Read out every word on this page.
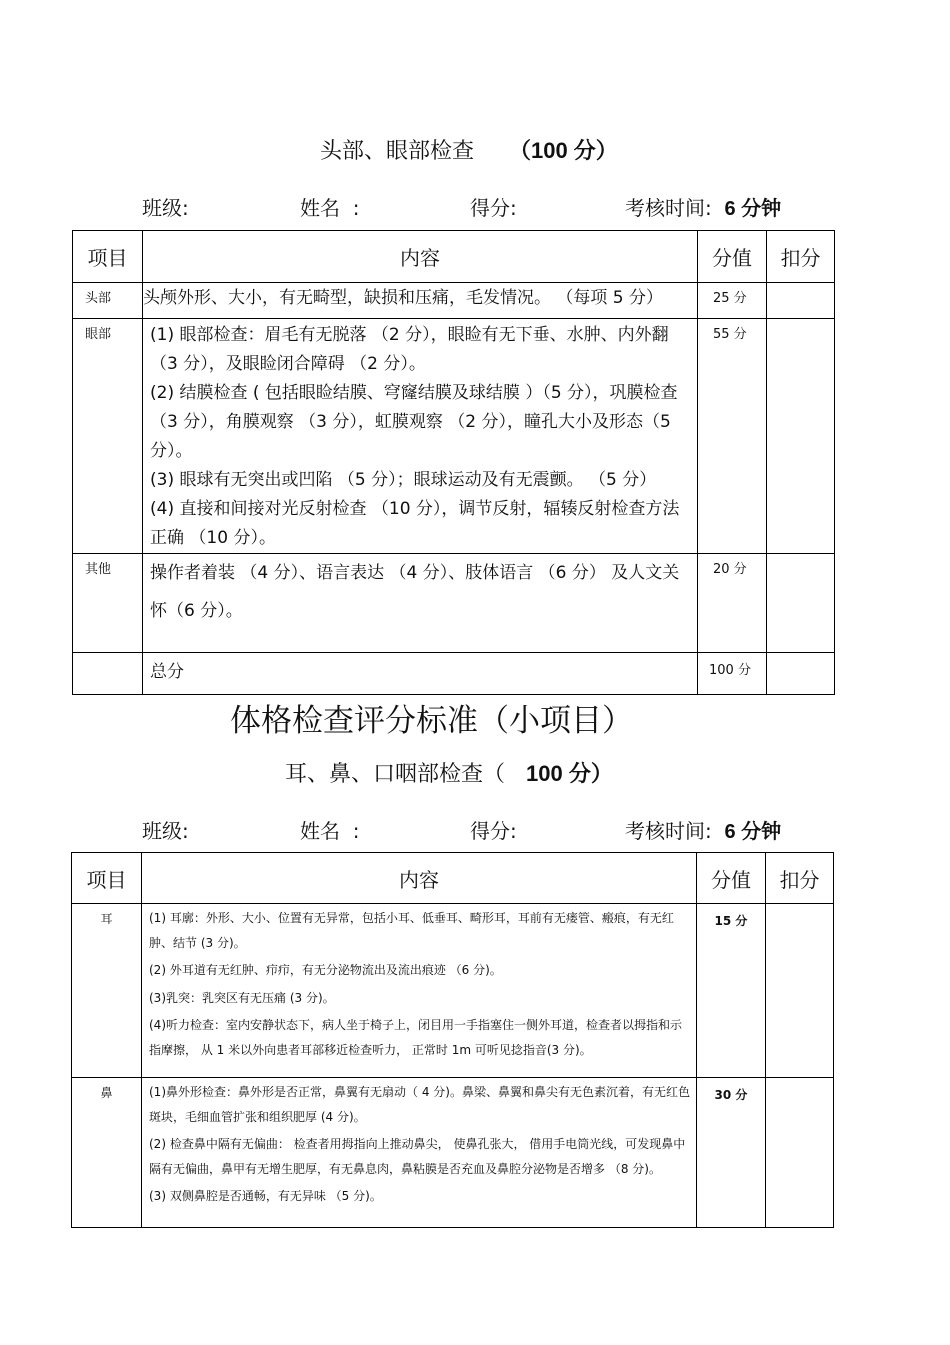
头部、眼部检查 （100 分）
班级:	姓名  :	得分:	考核时间: 6 分钟
项目	内容	分值	扣分
头部	头颅外形、大小，有无畸型，缺损和压痛，毛发情况。 （每项 5 分）	25 分	
眼部	(1) 眼部检查：眉毛有无脱落 （2 分），眼睑有无下垂、水肿、内外翻（3 分），及眼睑闭合障碍 （2 分）。

(2) 结膜检查 ( 包括眼睑结膜、穹窿结膜及球结膜 ）（5 分），巩膜检查（3 分），角膜观察 （3 分），虹膜观察 （2 分），瞳孔大小及形态（5 分）。

(3) 眼球有无突出或凹陷 （5 分）；眼球运动及有无震颤。 （5 分）

(4) 直接和间接对光反射检查 （10 分），调节反射，辐辏反射检查方法正确 （10 分）。	55 分	
其他	操作者着装 （4 分）、语言表达 （4 分）、肢体语言 （6 分） 及人文关怀（6 分）。	20 分	

	总分	100 分	
体格检查评分标准（小项目）
耳、鼻、口咽部检查（ 100 分）
班级:	姓名  :	得分:	考核时间: 6 分钟
项目	内容	分值	扣分
耳	(1) 耳廓：外形、大小、位置有无异常，包括小耳、低垂耳、畸形耳，耳前有无瘘管、瘢痕，有无红肿、结节 (3 分)。

(2) 外耳道有无红肿、疖疖，有无分泌物流出及流出痕迹 （6 分)。

(3)乳突：乳突区有无压痛 (3 分)。

(4)听力检查：室内安静状态下，病人坐于椅子上，闭目用一手指塞住一侧外耳道，检查者以拇指和示指摩擦， 从 1 米以外向患者耳部移近检查听力， 正常时 1m 可听见捻指音(3 分)。	15 分	
鼻	(1)鼻外形检查：鼻外形是否正常，鼻翼有无扇动（ 4 分)。鼻梁、鼻翼和鼻尖有无色素沉着，有无红色斑块，毛细血管扩张和组织肥厚 (4 分)。

(2) 检查鼻中隔有无偏曲： 检查者用拇指向上推动鼻尖， 使鼻孔张大， 借用手电筒光线，可发现鼻中隔有无偏曲，鼻甲有无增生肥厚，有无鼻息肉，鼻粘膜是否充血及鼻腔分泌物是否增多 （8 分)。

(3) 双侧鼻腔是否通畅，有无异味 （5 分)。	30 分	
